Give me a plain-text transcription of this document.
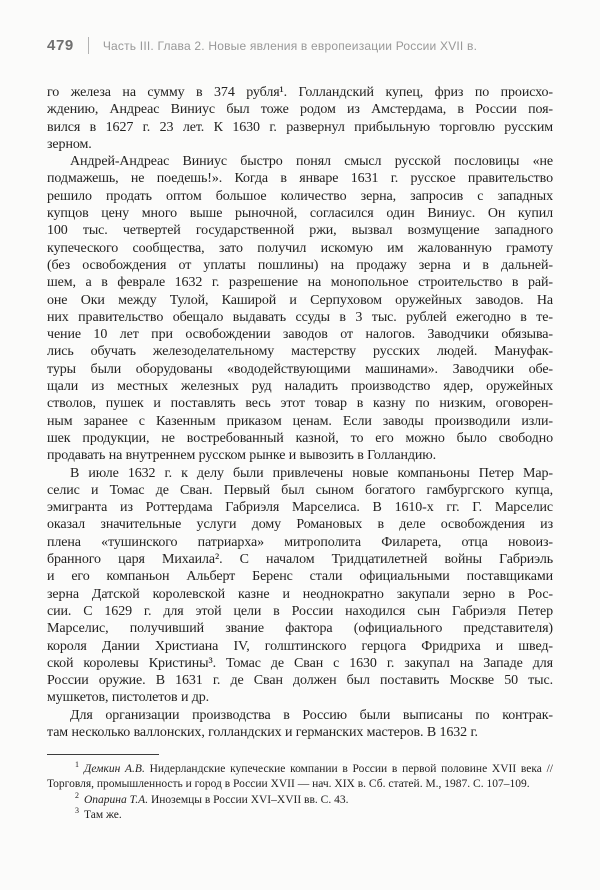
479 Часть III. Глава 2. Новые явления в европеизации России XVII в.
го железа на сумму в 374 рубля¹. Голландский купец, фриз по происхо-
ждению, Андреас Виниус был тоже родом из Амстердама, в России поя-
вился в 1627 г. 23 лет. К 1630 г. развернул прибыльную торговлю русским
зерном.
Андрей-Андреас Виниус быстро понял смысл русской пословицы «не
подмажешь, не поедешь!». Когда в январе 1631 г. русское правительство
решило продать оптом большое количество зерна, запросив с западных
купцов цену много выше рыночной, согласился один Виниус. Он купил
100 тыс. четвертей государственной ржи, вызвал возмущение западного
купеческого сообщества, зато получил искомую им жалованную грамоту
(без освобождения от уплаты пошлины) на продажу зерна и в дальней-
шем, а в феврале 1632 г. разрешение на монопольное строительство в рай-
оне Оки между Тулой, Каширой и Серпуховом оружейных заводов. На
них правительство обещало выдавать ссуды в 3 тыс. рублей ежегодно в те-
чение 10 лет при освобождении заводов от налогов. Заводчики обязыва-
лись обучать железоделательному мастерству русских людей. Мануфак-
туры были оборудованы «вододействующими машинами». Заводчики обе-
щали из местных железных руд наладить производство ядер, оружейных
стволов, пушек и поставлять весь этот товар в казну по низким, оговорен-
ным заранее с Казенным приказом ценам. Если заводы производили изли-
шек продукции, не востребованный казной, то его можно было свободно
продавать на внутреннем русском рынке и вывозить в Голландию.
В июле 1632 г. к делу были привлечены новые компаньоны Петер Мар-
селис и Томас де Сван. Первый был сыном богатого гамбургского купца,
эмигранта из Роттердама Габриэля Марселиса. В 1610-х гг. Г. Марселис
оказал значительные услуги дому Романовых в деле освобождения из
плена «тушинского патриарха» митрополита Филарета, отца новоиз-
бранного царя Михаила². С началом Тридцатилетней войны Габриэль
и его компаньон Альберт Беренс стали официальными поставщиками
зерна Датской королевской казне и неоднократно закупали зерно в Рос-
сии. С 1629 г. для этой цели в России находился сын Габриэля Петер
Марселис, получивший звание фактора (официального представителя)
короля Дании Христиана IV, голштинского герцога Фридриха и швед-
ской королевы Кристины³. Томас де Сван с 1630 г. закупал на Западе для
России оружие. В 1631 г. де Сван должен был поставить Москве 50 тыс.
мушкетов, пистолетов и др.
Для организации производства в Россию были выписаны по контрак-
там несколько валлонских, голландских и германских мастеров. В 1632 г.

$^1$ Демкин А.В. Нидерландские купеческие компании в России в первой половине XVII века // Торговля, промышленность и город в России XVII — нач. XIX в. Сб. статей. М., 1987. С. 107–109.

$^2$ Опарина Т.А. Иноземцы в России XVI–XVII вв. С. 43.

$^3$ Там же.
